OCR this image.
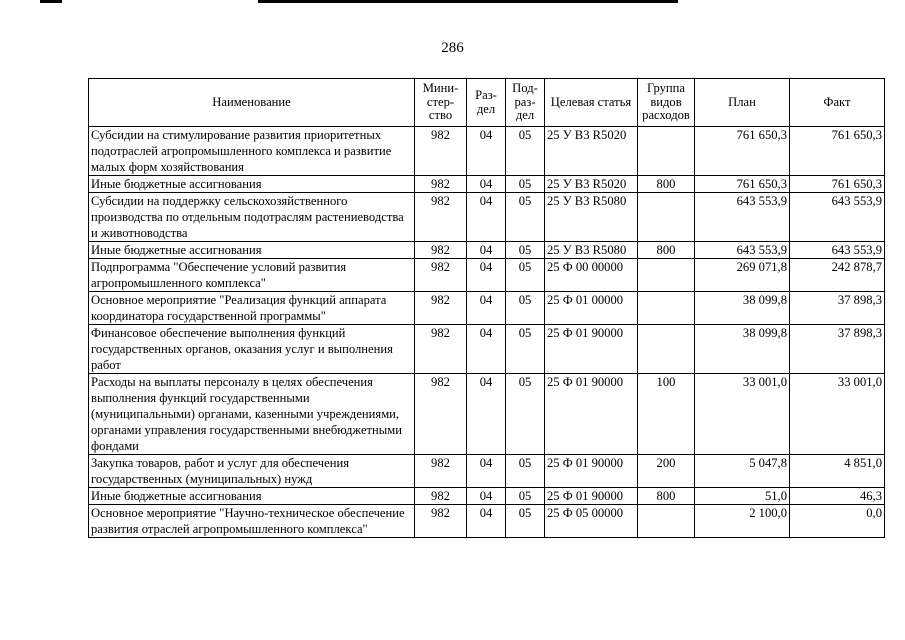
286
Наименование	Мини-стер-ство	Раз-дел	Под-раз-дел	Целевая статья	Группа видов расходов	План	Факт
Субсидии на стимулирование развития приоритетных подотраслей агропромышленного комплекса и развитие малых форм хозяйствования	982	04	05	25 У В3 R5020		761 650,3	761 650,3
Иные бюджетные ассигнования	982	04	05	25 У В3 R5020	800	761 650,3	761 650,3
Субсидии на поддержку сельскохозяйственного производства по отдельным подотраслям растениеводства и животноводства	982	04	05	25 У В3 R5080		643 553,9	643 553,9
Иные бюджетные ассигнования	982	04	05	25 У В3 R5080	800	643 553,9	643 553,9
Подпрограмма "Обеспечение условий развития агропромышленного комплекса"	982	04	05	25 Ф 00 00000		269 071,8	242 878,7
Основное мероприятие "Реализация функций аппарата координатора государственной программы"	982	04	05	25 Ф 01 00000		38 099,8	37 898,3
Финансовое обеспечение выполнения функций государственных органов, оказания услуг и выполнения работ	982	04	05	25 Ф 01 90000		38 099,8	37 898,3
Расходы на выплаты персоналу в целях обеспечения выполнения функций государственными (муниципальными) органами, казенными учреждениями, органами управления государственными внебюджетными фондами	982	04	05	25 Ф 01 90000	100	33 001,0	33 001,0
Закупка товаров, работ и услуг для обеспечения государственных (муниципальных) нужд	982	04	05	25 Ф 01 90000	200	5 047,8	4 851,0
Иные бюджетные ассигнования	982	04	05	25 Ф 01 90000	800	51,0	46,3
Основное мероприятие "Научно-техническое обеспечение развития отраслей агропромышленного комплекса"	982	04	05	25 Ф 05 00000		2 100,0	0,0
